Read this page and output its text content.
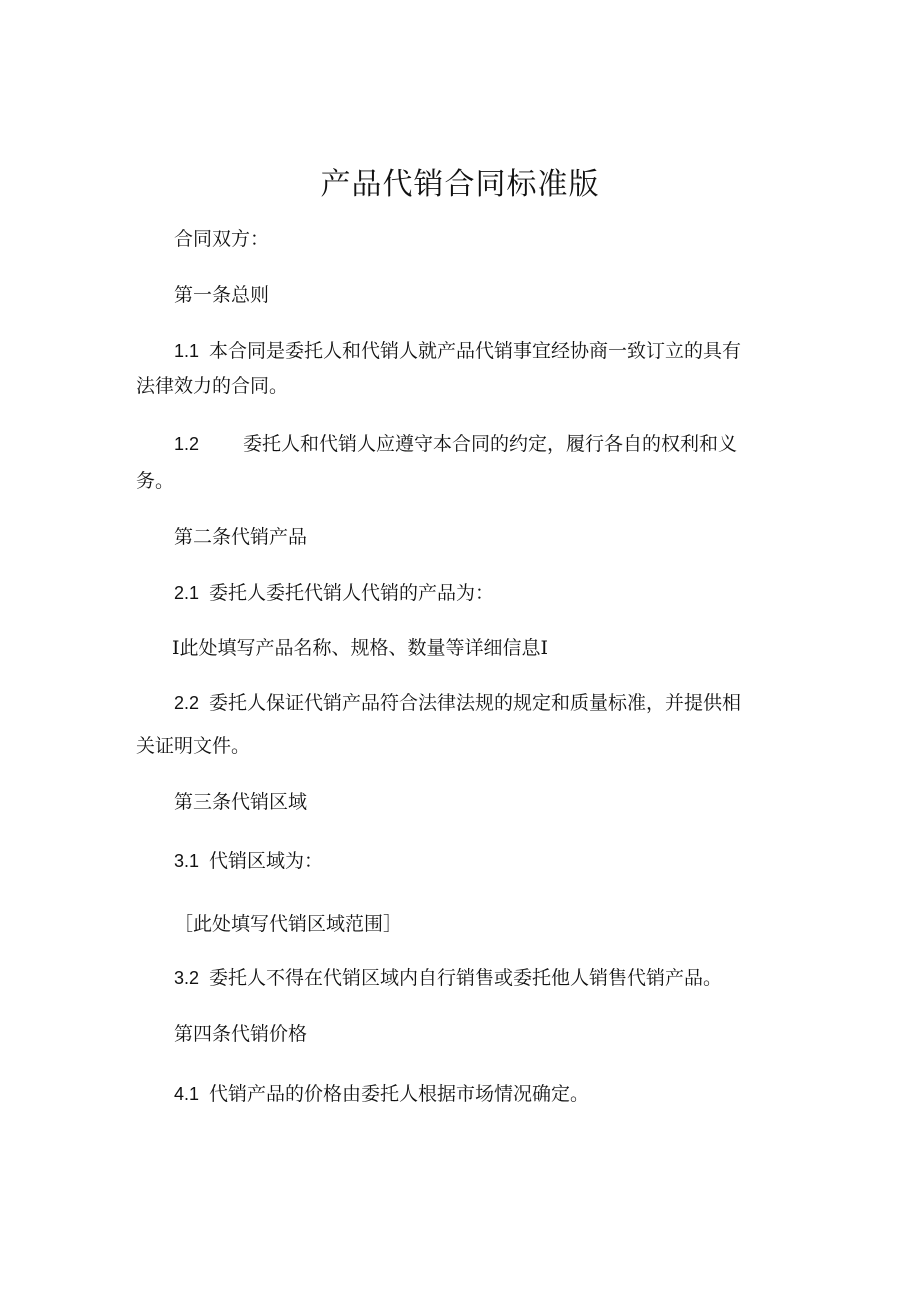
产品代销合同标准版
合同双方：
第一条总则
1.1 本合同是委托人和代销人就产品代销事宜经协商一致订立的具有
法律效力的合同。
1.2 委托人和代销人应遵守本合同的约定，履行各自的权利和义
务。
第二条代销产品
2.1 委托人委托代销人代销的产品为：
I此处填写产品名称、规格、数量等详细信息I
2.2 委托人保证代销产品符合法律法规的规定和质量标准，并提供相
关证明文件。
第三条代销区域
3.1 代销区域为：
［此处填写代销区域范围］
3.2 委托人不得在代销区域内自行销售或委托他人销售代销产品。
第四条代销价格
4.1 代销产品的价格由委托人根据市场情况确定。
